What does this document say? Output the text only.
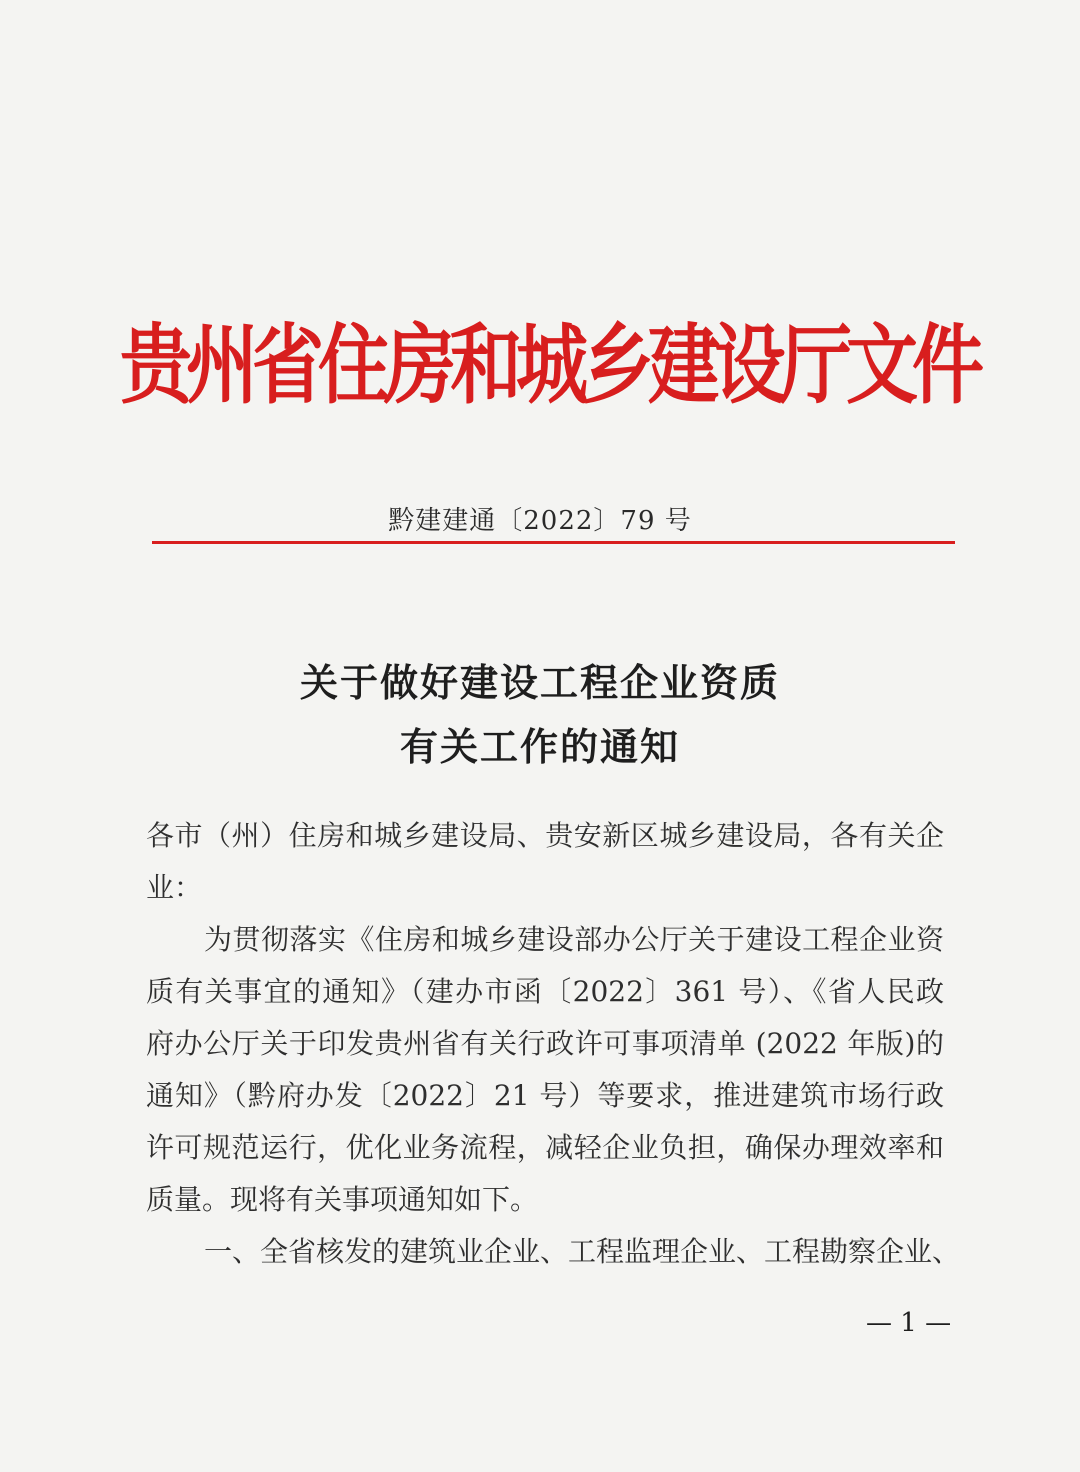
贵州省住房和城乡建设厅文件
黔建建通〔2022〕79 号
关于做好建设工程企业资质
有关工作的通知
各市（州）住房和城乡建设局、贵安新区城乡建设局，各有关企
业：
为贯彻落实《住房和城乡建设部办公厅关于建设工程企业资
质有关事宜的通知》（建办市函〔2022〕361 号）、《省人民政
府办公厅关于印发贵州省有关行政许可事项清单 (2022 年版)的
通知》（黔府办发〔2022〕21 号）等要求，推进建筑市场行政
许可规范运行，优化业务流程，减轻企业负担，确保办理效率和
质量。现将有关事项通知如下。
一、全省核发的建筑业企业、工程监理企业、工程勘察企业、
— 1 —
